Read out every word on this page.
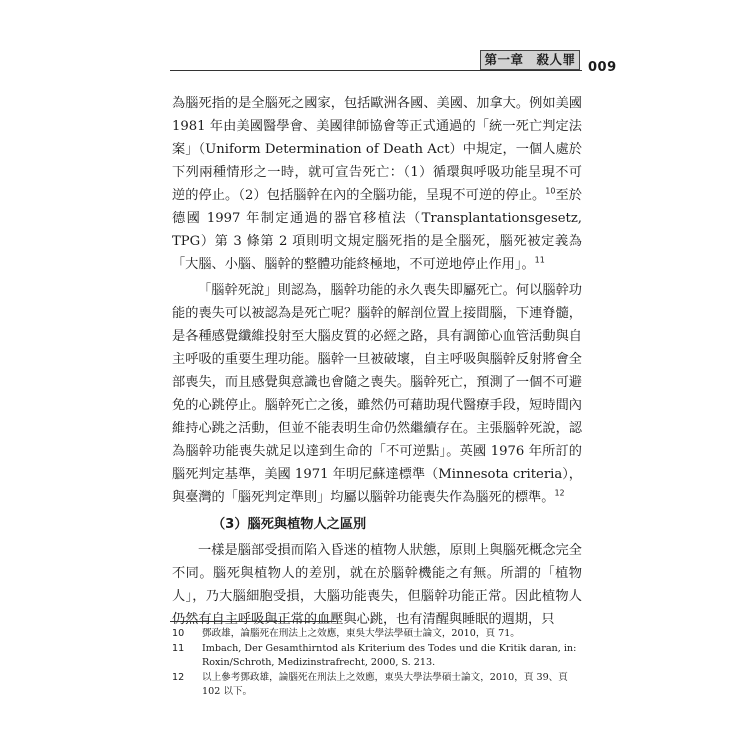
第一章　殺人罪
009

為腦死指的是全腦死之國家，包括歐洲各國、美國、加拿大。例如美國 1981 年由美國醫學會、美國律師協會等正式通過的「統一死亡判定法案」（Uniform Determination of Death Act）中規定，一個人處於下列兩種情形之一時，就可宣告死亡：（1）循環與呼吸功能呈現不可逆的停止。（2）包括腦幹在內的全腦功能，呈現不可逆的停止。$^{10}$至於德國 1997 年制定通過的器官移植法（Transplantationsgesetz, TPG）第 3 條第 2 項則明文規定腦死指的是全腦死，腦死被定義為「大腦、小腦、腦幹的整體功能終極地，不可逆地停止作用」。$^{11}$

「腦幹死說」則認為，腦幹功能的永久喪失即屬死亡。何以腦幹功能的喪失可以被認為是死亡呢？腦幹的解剖位置上接間腦，下連脊髓，是各種感覺纖維投射至大腦皮質的必經之路，具有調節心血管活動與自主呼吸的重要生理功能。腦幹一旦被破壞，自主呼吸與腦幹反射將會全部喪失，而且感覺與意識也會隨之喪失。腦幹死亡，預測了一個不可避免的心跳停止。腦幹死亡之後，雖然仍可藉助現代醫療手段，短時間內維持心跳之活動，但並不能表明生命仍然繼續存在。主張腦幹死說，認為腦幹功能喪失就足以達到生命的「不可逆點」。英國 1976 年所訂的腦死判定基準，美國 1971 年明尼蘇達標準（Minnesota criteria），與臺灣的「腦死判定準則」均屬以腦幹功能喪失作為腦死的標準。$^{12}$

（3）腦死與植物人之區別

一樣是腦部受損而陷入昏迷的植物人狀態，原則上與腦死概念完全不同。腦死與植物人的差別，就在於腦幹機能之有無。所謂的「植物人」，乃大腦細胞受損，大腦功能喪失，但腦幹功能正常。因此植物人仍然有自主呼吸與正常的血壓與心跳，也有清醒與睡眠的週期，只

10	鄧政雄，論腦死在刑法上之效應，東吳大學法學碩士論文，2010，頁 71。
11	Imbach, Der Gesamthirntod als Kriterium des Todes und die Kritik daran, in: Roxin/Schroth, Medizinstrafrecht, 2000, S. 213.
12	以上參考鄧政雄，論腦死在刑法上之效應，東吳大學法學碩士論文，2010，頁 39、頁 102 以下。
